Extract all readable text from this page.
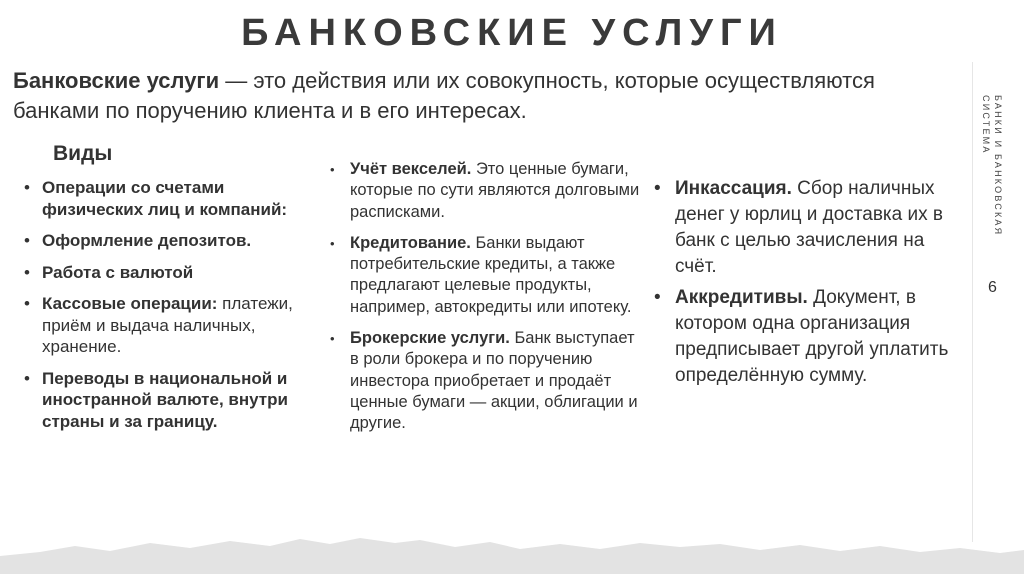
БАНКОВСКИЕ УСЛУГИ
Банковские услуги — это действия или их совокупность, которые осуществляются банками по поручению клиента и в его интересах.	БАНКИ И БАНКОВСКАЯ СИСТЕМА
6
Виды
• Операции со счетами физических лиц и компаний:
• Оформление депозитов.
• Работа с валютой
• Кассовые операции: платежи, приём и выдача наличных, хранение.
• Переводы в национальной и иностранной валюте, внутри страны и за границу.
• Учёт векселей. Это ценные бумаги, которые по сути являются долговыми расписками.
• Кредитование. Банки выдают потребительские кредиты, а также предлагают целевые продукты, например, автокредиты или ипотеку.
• Брокерские услуги. Банк выступает в роли брокера и по поручению инвестора приобретает и продаёт ценные бумаги — акции, облигации и другие.
• Инкассация. Сбор наличных денег у юрлиц и доставка их в банк с целью зачисления на счёт.
• Аккредитивы. Документ, в котором одна организация предписывает другой уплатить определённую сумму.
